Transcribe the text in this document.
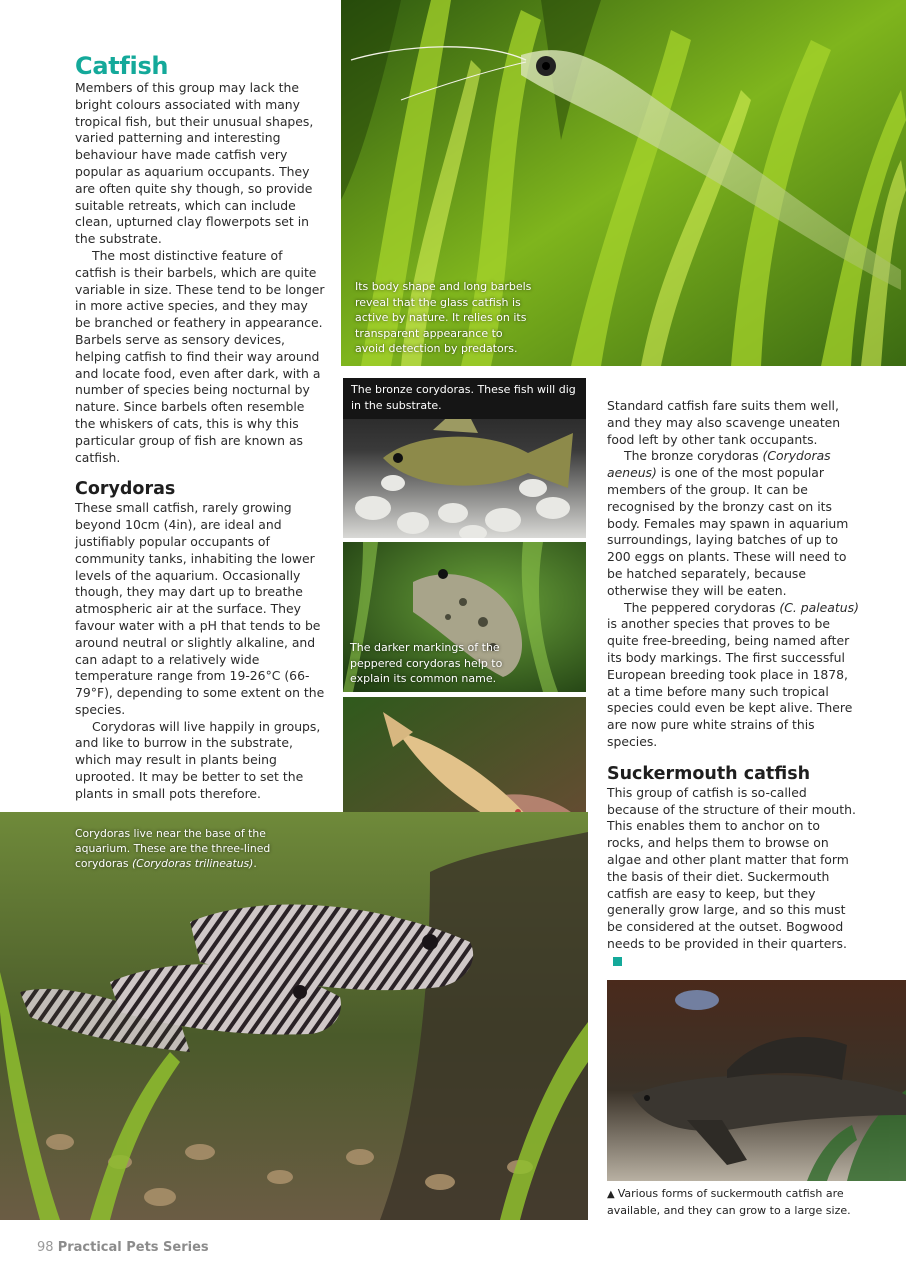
Catfish

Members of this group may lack the bright colours associated with many tropical fish, but their unusual shapes, varied patterning and interesting behaviour have made catfish very popular as aquarium occupants. They are often quite shy though, so provide suitable retreats, which can include clean, upturned clay flowerpots set in the substrate.

The most distinctive feature of catfish is their barbels, which are quite variable in size. These tend to be longer in more active species, and they may be branched or feathery in appearance. Barbels serve as sensory devices, helping catfish to find their way around and locate food, even after dark, with a number of species being nocturnal by nature. Since barbels often resemble the whiskers of cats, this is why this particular group of fish are known as catfish.

Corydoras

These small catfish, rarely growing beyond 10cm (4in), are ideal and justifiably popular occupants of community tanks, inhabiting the lower levels of the aquarium. Occasionally though, they may dart up to breathe atmospheric air at the surface. They favour water with a pH that tends to be around neutral or slightly alkaline, and can adapt to a relatively wide temperature range from 19-26°C (66-79°F), depending to some extent on the species.

Corydoras will live happily in groups, and like to burrow in the substrate, which may result in plants being uprooted. It may be better to set the plants in small pots therefore.

Its body shape and long barbels reveal that the glass catfish is active by nature. It relies on its transparent appearance to avoid detection by predators.
The bronze corydoras. These fish will dig in the substrate.
The darker markings of the peppered corydoras help to explain its common name.
Corydoras live near the base of the aquarium. These are the three-lined corydoras (Corydoras trilineatus).

Standard catfish fare suits them well, and they may also scavenge uneaten food left by other tank occupants.

The bronze corydoras (Corydoras aeneus) is one of the most popular members of the group. It can be recognised by the bronzy cast on its body. Females may spawn in aquarium surroundings, laying batches of up to 200 eggs on plants. These will need to be hatched separately, because otherwise they will be eaten.

The peppered corydoras (C. paleatus) is another species that proves to be quite free-breeding, being named after its body markings. The first successful European breeding took place in 1878, at a time before many such tropical species could even be kept alive. There are now pure white strains of this species.

Suckermouth catfish

This group of catfish is so-called because of the structure of their mouth. This enables them to anchor on to rocks, and helps them to browse on algae and other plant matter that form the basis of their diet. Suckermouth catfish are easy to keep, but they generally grow large, and so this must be considered at the outset. Bogwood needs to be provided in their quarters.

▲ Various forms of suckermouth catfish are available, and they can grow to a large size.
98 Practical Pets Series
